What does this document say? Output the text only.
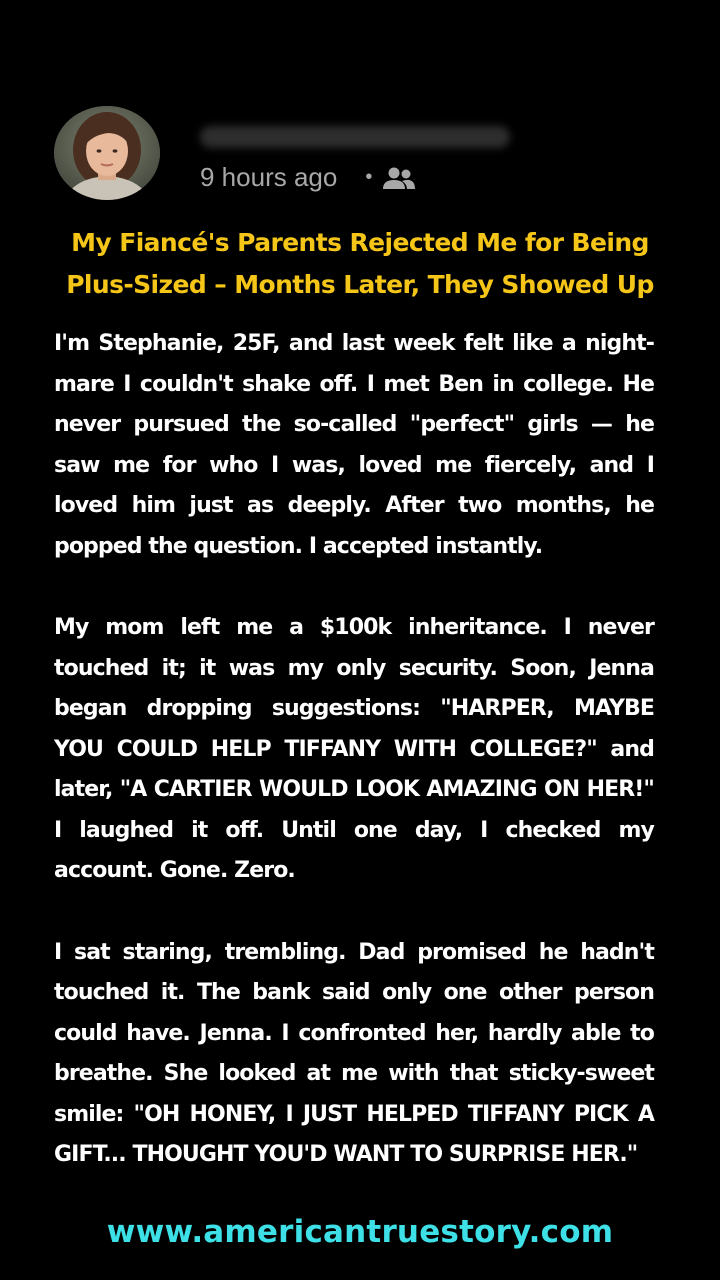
9 hours ago •
My Fiancé's Parents Rejected Me for Being
Plus-Sized – Months Later, They Showed Up

I'm Stephanie, 25F, and last week felt like a night-mare I couldn't shake off. I met Ben in college. He never pursued the so-called "perfect" girls — he saw me for who I was, loved me fiercely, and I loved him just as deeply. After two months, he popped the question. I accepted instantly.

My mom left me a $100k inheritance. I never touched it; it was my only security. Soon, Jenna began dropping suggestions: "HARPER, MAYBE YOU COULD HELP TIFFANY WITH COLLEGE?" and later, "A CARTIER WOULD LOOK AMAZING ON HER!" I laughed it off. Until one day, I checked my account. Gone. Zero.

I sat staring, trembling. Dad promised he hadn't touched it. The bank said only one other person could have. Jenna. I confronted her, hardly able to breathe. She looked at me with that sticky-sweet smile: "OH HONEY, I JUST HELPED TIFFANY PICK A GIFT... THOUGHT YOU'D WANT TO SURPRISE HER."

www.americantruestory.com
